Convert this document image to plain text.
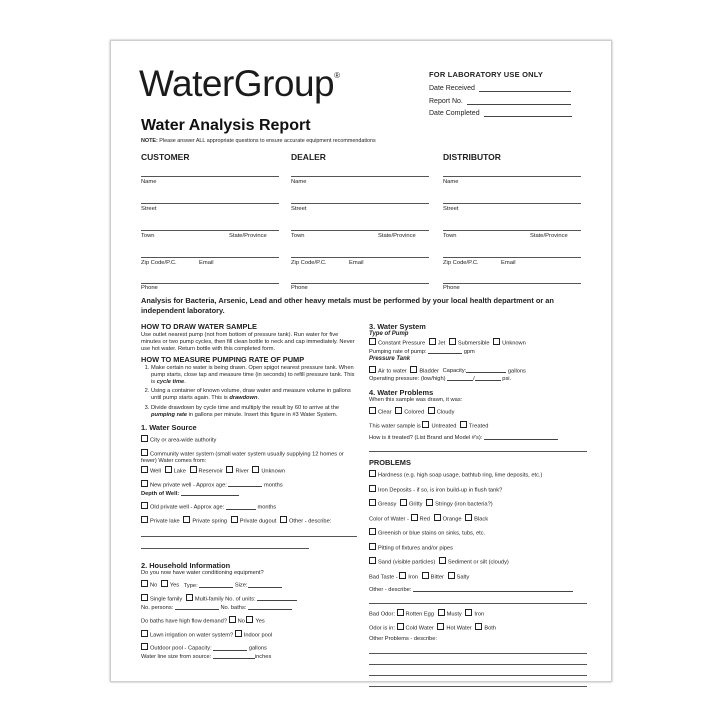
WaterGroup®	FOR LABORATORY USE ONLY
Date Received
Report No.
Date Completed
Water Analysis Report
NOTE: Please answer ALL appropriate questions to ensure accurate equipment recommendations
CUSTOMER	DEALER	DISTRIBUTOR
Name
Street
Town	State/Province
Zip Code/P.C.	Email
Phone
Name
Street
Town	State/Province
Zip Code/P.C.	Email
Phone
Name
Street
Town	State/Province
Zip Code/P.C.	Email
Phone
Analysis for Bacteria, Arsenic, Lead and other heavy metals must be performed by your local health department or an independent laboratory.
HOW TO DRAW WATER SAMPLE
Use outlet nearest pump (not from bottom of pressure tank). Run water for five minutes or two pump cycles, then fill clean bottle to neck and cap immediately. Never use hot water. Return bottle with this completed form.
HOW TO MEASURE PUMPING RATE OF PUMP
1. Make certain no water is being drawn. Open spigot nearest pressure tank. When pump starts, close tap and measure time (in seconds) to refill pressure tank. This is cycle time.
2. Using a container of known volume, draw water and measure volume in gallons until pump starts again. This is drawdown.
3. Divide drawdown by cycle time and multiply the result by 60 to arrive at the pumping rate in gallons per minute. Insert this figure in #3 Water System.
1. Water Source
City or area-wide authority
Community water system (small water system usually supplying 12 homes or fewer) Water comes from:
Well Lake Reservoir River Unknown
New private well - Approx age:	months
Depth of Well:
Old private well - Approx age:	months
Private lake Private spring Private dugout Other - describe:
2. Household Information
Do you now have water conditioning equipment?
No Yes Type:	Size:
Single family Multi-family No. of units:
No. persons:	No. baths:
Do baths have high flow demand? No Yes
Lawn irrigation on water system? Indoor pool
Outdoor pool - Capacity:	gallons
Water line size from source:	inches
3. Water System
Type of Pump
Constant Pressure Jet Submersible Unknown
Pumping rate of pump:	gpm
Pressure Tank
Air to water Bladder Capacity:	gallons
Operating pressure: (low/high)	/	psi.
4. Water Problems
When this sample was drawn, it was:
Clear Colored Cloudy
This water sample is Untreated Treated
How is it treated? (List Brand and Model #'s):
PROBLEMS
Hardness (e.g. high soap usage, bathtub ring, lime deposits, etc.)
Iron Deposits - if so, is iron build-up in flush tank?
Greasy Gritty Stringy (iron bacteria?)
Color of Water - Red Orange Black
Greenish or blue stains on sinks, tubs, etc.
Pitting of fixtures and/or pipes
Sand (visible particles) Sediment or silt (cloudy)
Bad Taste - Iron Bitter Salty
Other - describe:
Bad Odor: Rotten Egg Musty Iron
Odor is in: Cold Water Hot Water Both
Other Problems - describe:
